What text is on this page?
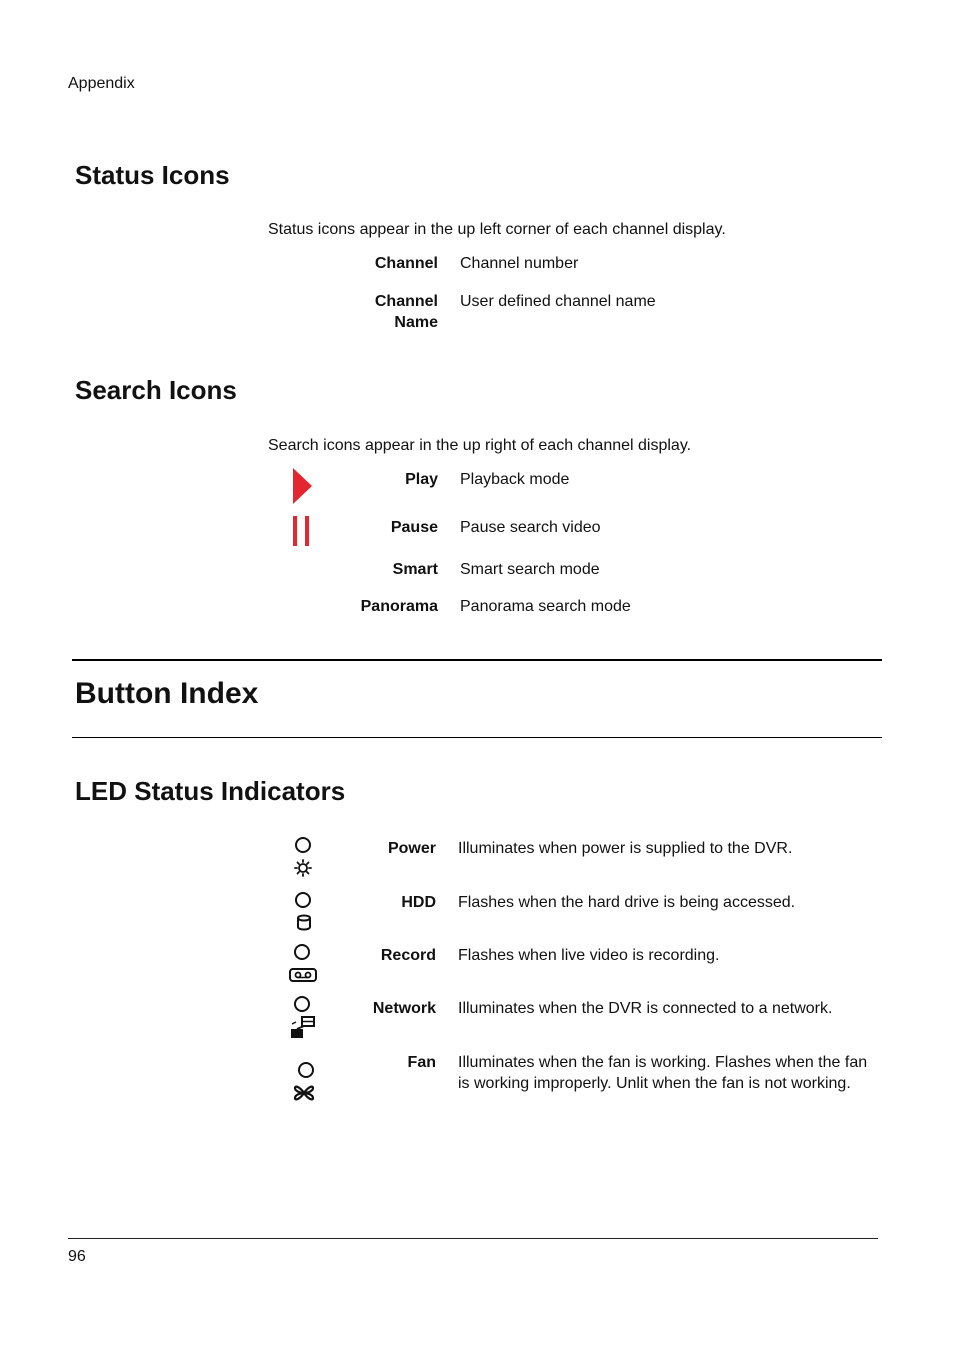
Appendix
Status Icons
Status icons appear in the up left corner of each channel display.
Channel Channel number
Channel Name
User defined channel name
Search Icons
Search icons appear in the up right of each channel display.
Play Playback mode
Pause Pause search video
Smart Smart search mode
Panorama Panorama search mode
Button Index
LED Status Indicators
Power Illuminates when power is supplied to the DVR.
HDD Flashes when the hard drive is being accessed.
Record Flashes when live video is recording.
Network Illuminates when the DVR is connected to a network.
Fan Illuminates when the fan is working. Flashes when the fan is working improperly. Unlit when the fan is not working.
96
